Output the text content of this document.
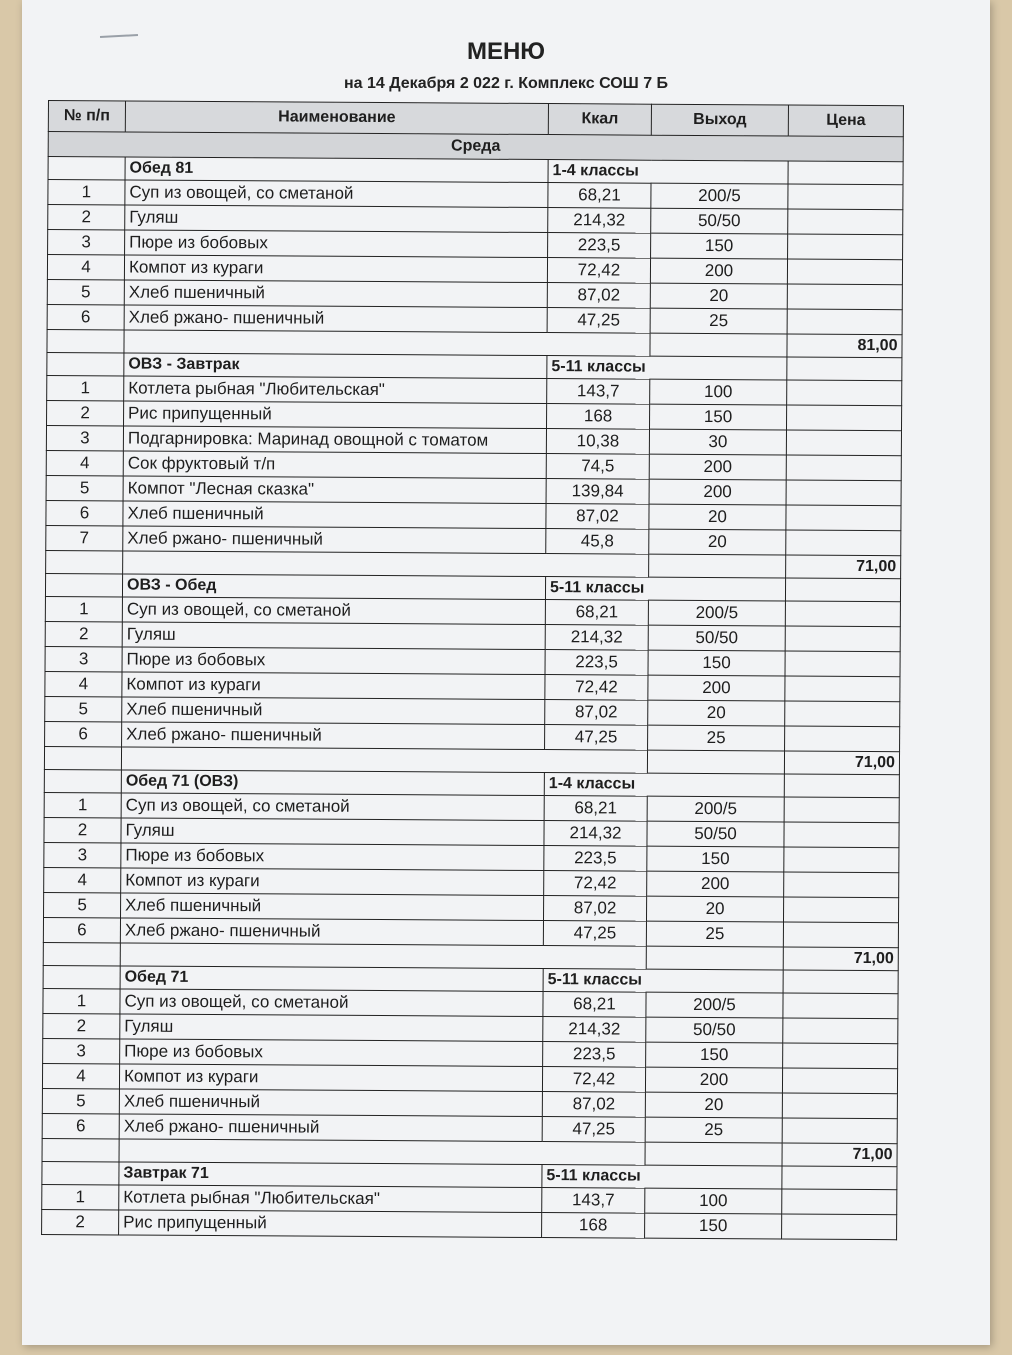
МЕНЮ
на 14 Декабря 2 022 г. Комплекс СОШ 7 Б
№ п/п	Наименование	Ккал	Выход	Цена
Среда				
	Обед 81	1-4 классы		
1	Суп из овощей, со сметаной	68,21	200/5	
2	Гуляш	214,32	50/50	
3	Пюре из бобовых	223,5	150	
4	Компот из кураги	72,42	200	
5	Хлеб пшеничный	87,02	20	
6	Хлеб ржано- пшеничный	47,25	25	
				81,00
	ОВЗ - Завтрак	5-11 классы		
1	Котлета рыбная "Любительская"	143,7	100	
2	Рис припущенный	168	150	
3	Подгарнировка: Маринад овощной с томатом	10,38	30	
4	Сок фруктовый т/п	74,5	200	
5	Компот "Лесная сказка"	139,84	200	
6	Хлеб пшеничный	87,02	20	
7	Хлеб ржано- пшеничный	45,8	20	
				71,00
	ОВЗ - Обед	5-11 классы		
1	Суп из овощей, со сметаной	68,21	200/5	
2	Гуляш	214,32	50/50	
3	Пюре из бобовых	223,5	150	
4	Компот из кураги	72,42	200	
5	Хлеб пшеничный	87,02	20	
6	Хлеб ржано- пшеничный	47,25	25	
				71,00
	Обед 71 (ОВЗ)	1-4 классы		
1	Суп из овощей, со сметаной	68,21	200/5	
2	Гуляш	214,32	50/50	
3	Пюре из бобовых	223,5	150	
4	Компот из кураги	72,42	200	
5	Хлеб пшеничный	87,02	20	
6	Хлеб ржано- пшеничный	47,25	25	
				71,00
	Обед 71	5-11 классы		
1	Суп из овощей, со сметаной	68,21	200/5	
2	Гуляш	214,32	50/50	
3	Пюре из бобовых	223,5	150	
4	Компот из кураги	72,42	200	
5	Хлеб пшеничный	87,02	20	
6	Хлеб ржано- пшеничный	47,25	25	
				71,00
	Завтрак 71	5-11 классы		
1	Котлета рыбная "Любительская"	143,7	100	
2	Рис припущенный	168	150	
